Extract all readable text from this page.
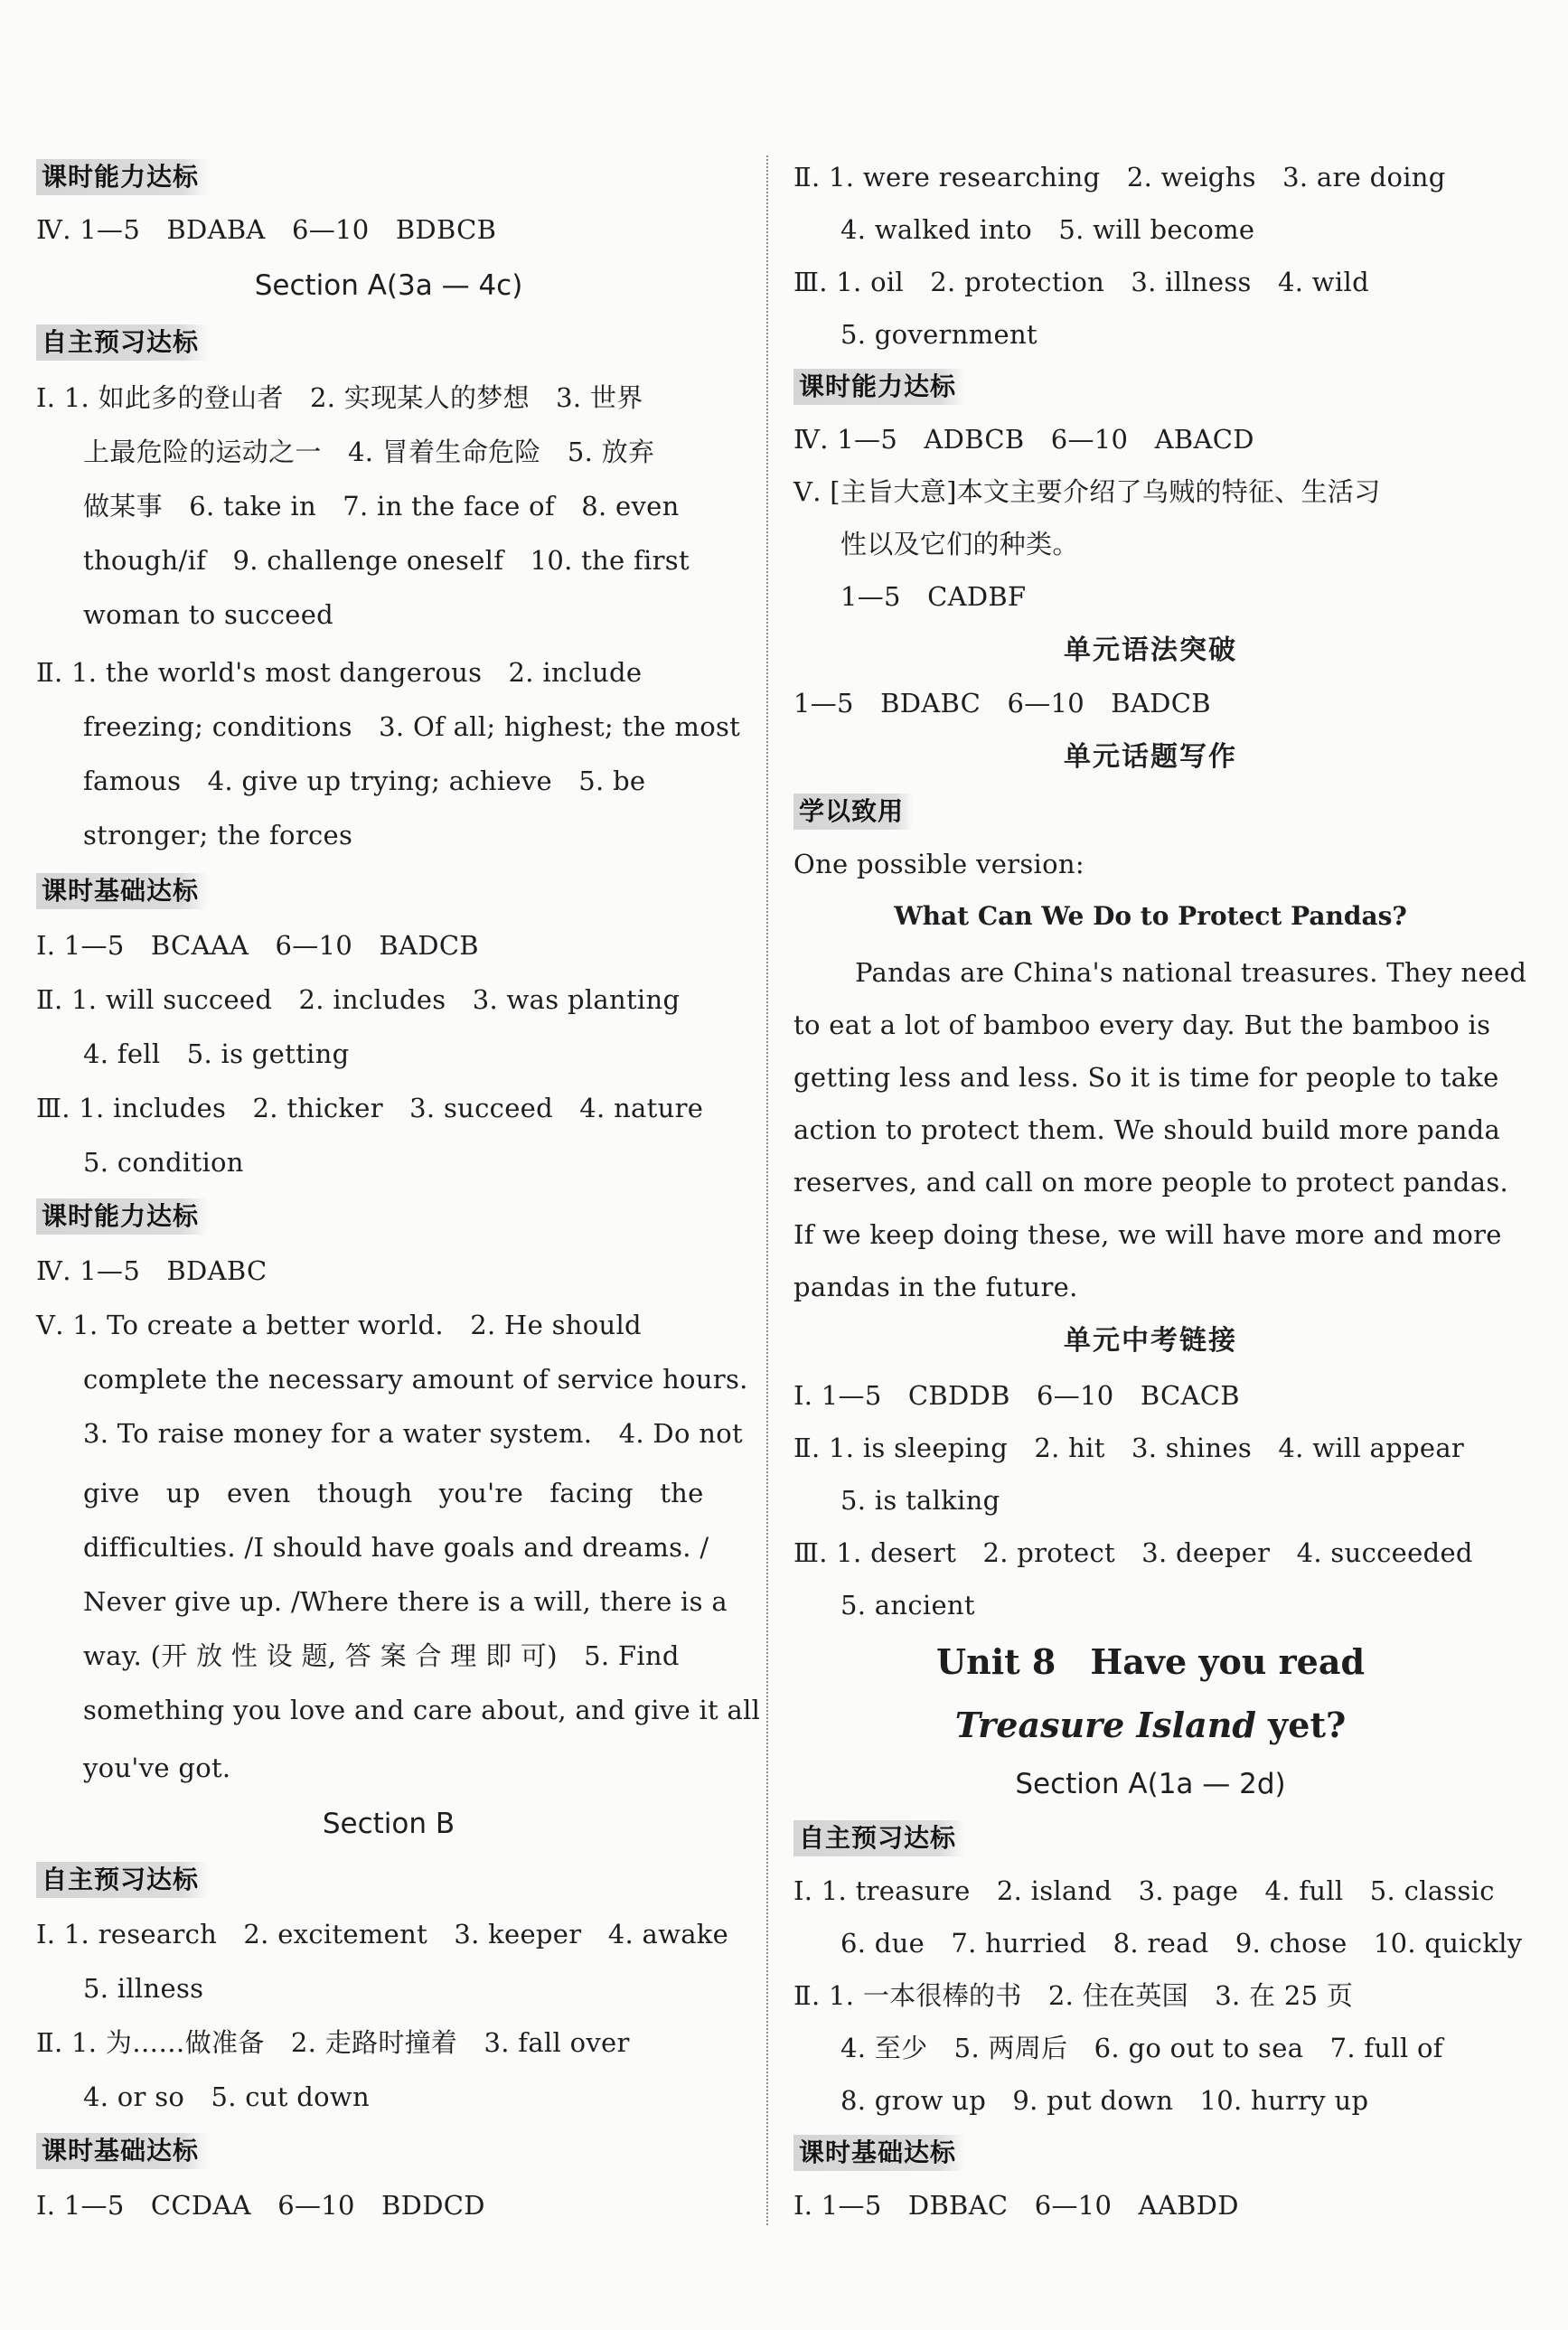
课时能力达标
Ⅳ. 1—5　BDABA　6—10　BDBCB
Section A(3a — 4c)
自主预习达标
Ⅰ. 1. 如此多的登山者　2. 实现某人的梦想　3. 世界
上最危险的运动之一　4. 冒着生命危险　5. 放弃
做某事　6. take in　7. in the face of　8. even
though/if　9. challenge oneself　10. the first
woman to succeed
Ⅱ. 1. the world's most dangerous　2. include
freezing; conditions　3. Of all; highest; the most
famous　4. give up trying; achieve　5. be
stronger; the forces
课时基础达标
Ⅰ. 1—5　BCAAA　6—10　BADCB
Ⅱ. 1. will succeed　2. includes　3. was planting
4. fell　5. is getting
Ⅲ. 1. includes　2. thicker　3. succeed　4. nature
5. condition
课时能力达标
Ⅳ. 1—5　BDABC
Ⅴ. 1. To create a better world.　2. He should
complete the necessary amount of service hours.
3. To raise money for a water system.　4. Do not
give　up　even　though　you're　facing　the
difficulties. /I should have goals and dreams. /
Never give up. /Where there is a will, there is a
way. (开 放 性 设 题, 答 案 合 理 即 可)　5. Find
something you love and care about, and give it all
you've got.
Section B
自主预习达标
Ⅰ. 1. research　2. excitement　3. keeper　4. awake
5. illness
Ⅱ. 1. 为……做准备　2. 走路时撞着　3. fall over
4. or so　5. cut down
课时基础达标
Ⅰ. 1—5　CCDAA　6—10　BDDCD
Ⅱ. 1. were researching　2. weighs　3. are doing
4. walked into　5. will become
Ⅲ. 1. oil　2. protection　3. illness　4. wild
5. government
课时能力达标
Ⅳ. 1—5　ADBCB　6—10　ABACD
Ⅴ. [主旨大意]本文主要介绍了乌贼的特征、生活习
性以及它们的种类。
1—5　CADBF
单元语法突破
1—5　BDABC　6—10　BADCB
单元话题写作
学以致用
One possible version:
What Can We Do to Protect Pandas?
Pandas are China's national treasures. They need
to eat a lot of bamboo every day. But the bamboo is
getting less and less. So it is time for people to take
action to protect them. We should build more panda
reserves, and call on more people to protect pandas.
If we keep doing these, we will have more and more
pandas in the future.
单元中考链接
Ⅰ. 1—5　CBDDB　6—10　BCACB
Ⅱ. 1. is sleeping　2. hit　3. shines　4. will appear
5. is talking
Ⅲ. 1. desert　2. protect　3. deeper　4. succeeded
5. ancient
Unit 8　Have you read
Treasure Island yet?
Section A(1a — 2d)
自主预习达标
Ⅰ. 1. treasure　2. island　3. page　4. full　5. classic
6. due　7. hurried　8. read　9. chose　10. quickly
Ⅱ. 1. 一本很棒的书　2. 住在英国　3. 在 25 页
4. 至少　5. 两周后　6. go out to sea　7. full of
8. grow up　9. put down　10. hurry up
课时基础达标
Ⅰ. 1—5　DBBAC　6—10　AABDD
